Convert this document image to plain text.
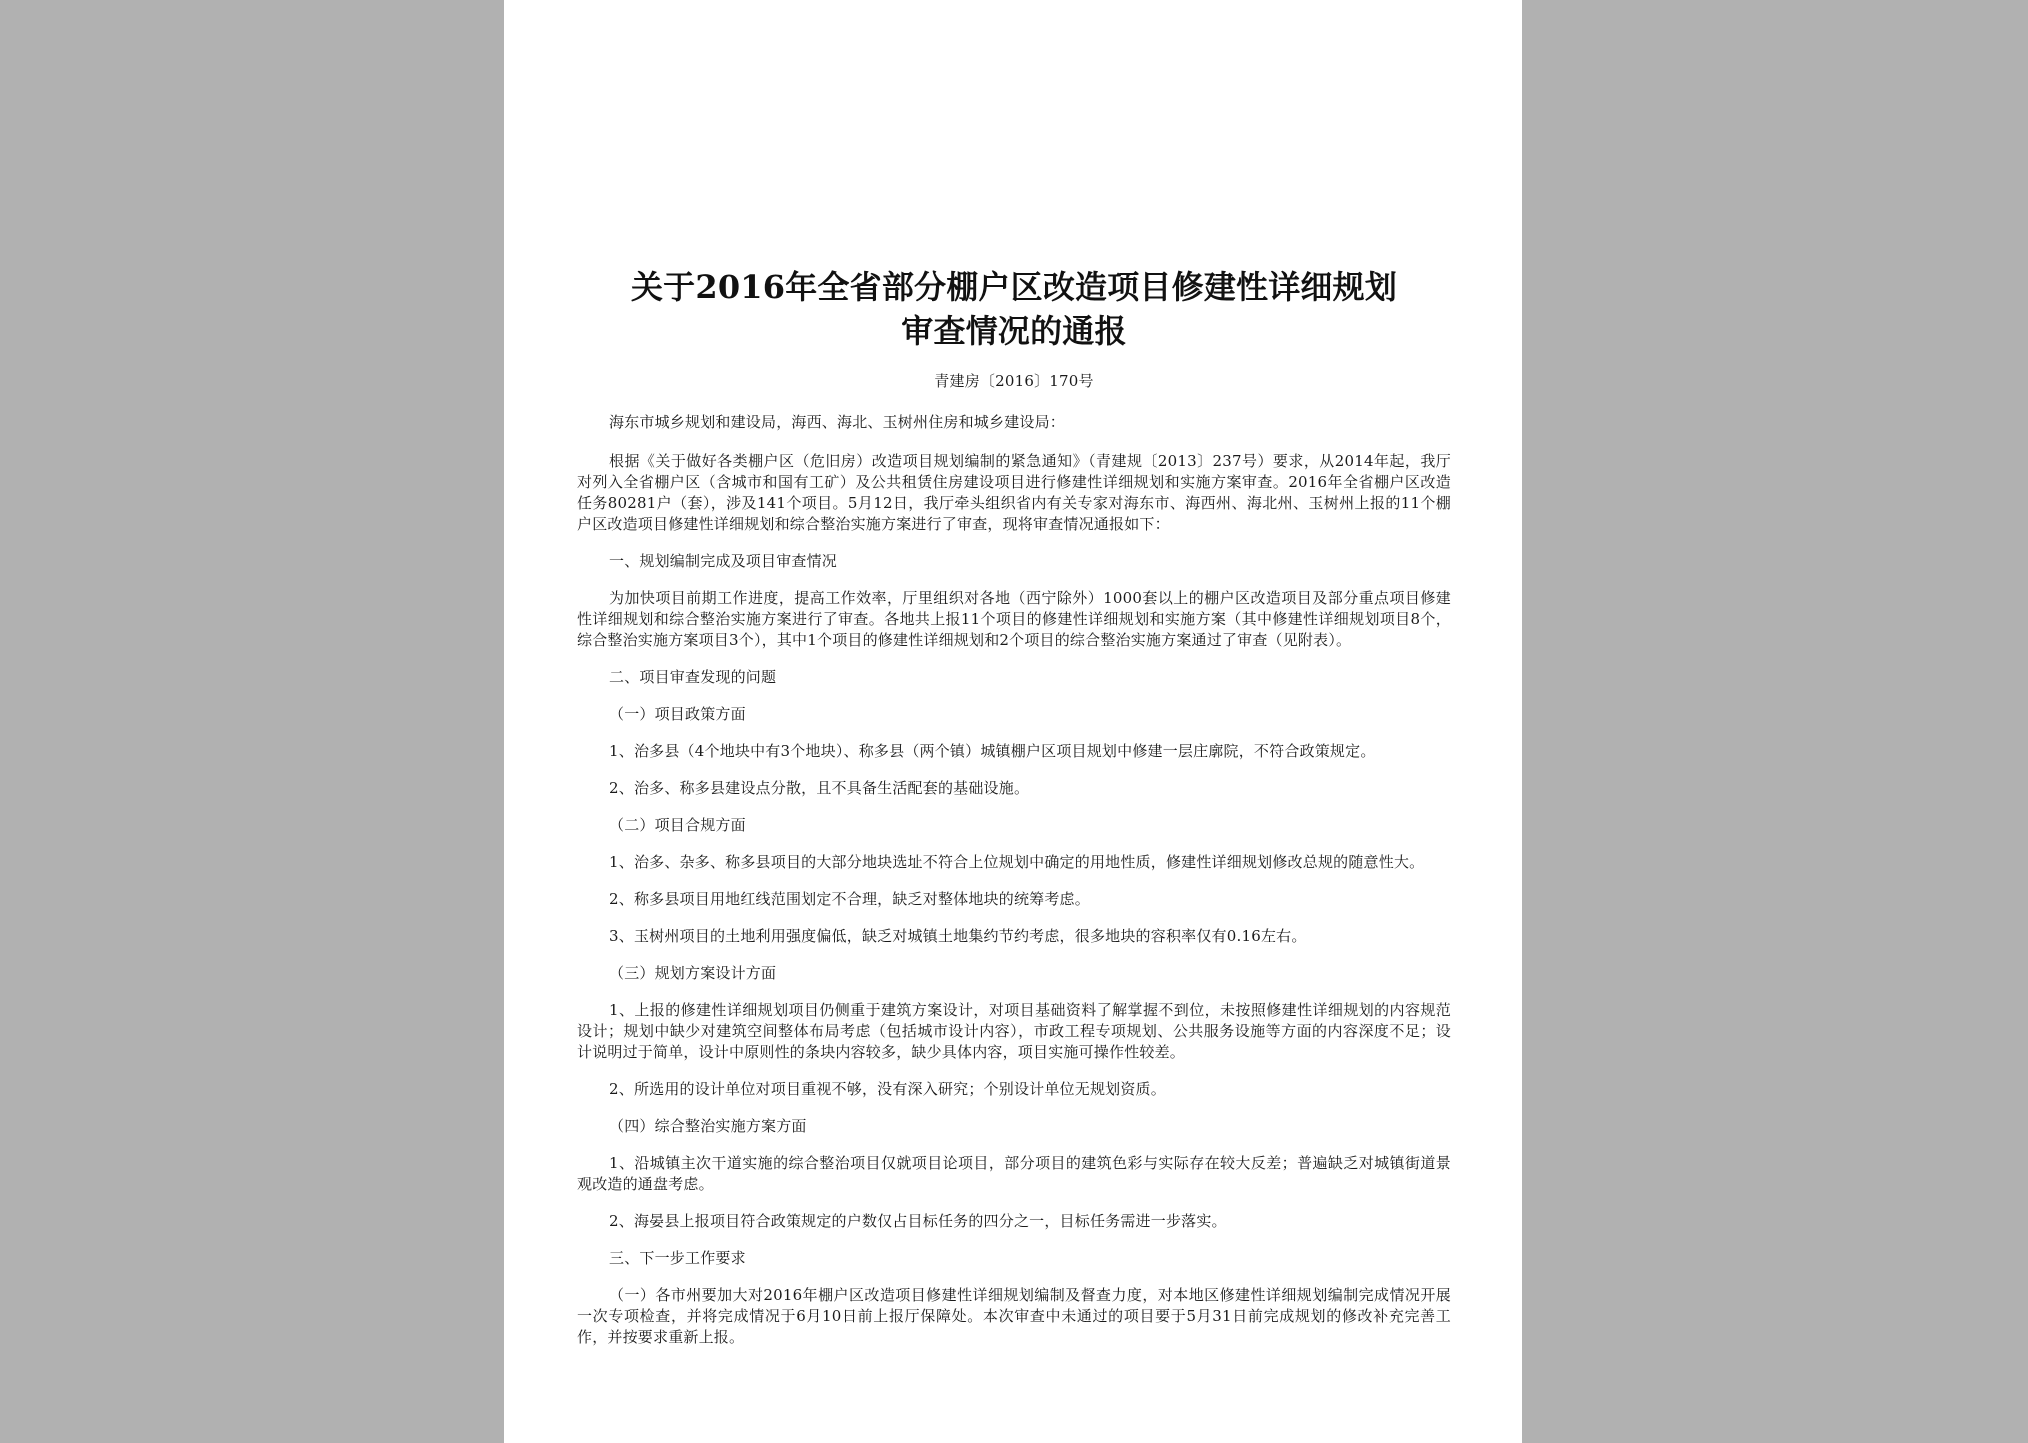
关于2016年全省部分棚户区改造项目修建性详细规划
审查情况的通报
青建房〔2016〕170号

海东市城乡规划和建设局，海西、海北、玉树州住房和城乡建设局：

根据《关于做好各类棚户区（危旧房）改造项目规划编制的紧急通知》（青建规〔2013〕237号）要求，从2014年起，我厅对列入全省棚户区（含城市和国有工矿）及公共租赁住房建设项目进行修建性详细规划和实施方案审查。2016年全省棚户区改造任务80281户（套），涉及141个项目。5月12日，我厅牵头组织省内有关专家对海东市、海西州、海北州、玉树州上报的11个棚户区改造项目修建性详细规划和综合整治实施方案进行了审查，现将审查情况通报如下：

一、规划编制完成及项目审查情况

为加快项目前期工作进度，提高工作效率，厅里组织对各地（西宁除外）1000套以上的棚户区改造项目及部分重点项目修建性详细规划和综合整治实施方案进行了审查。各地共上报11个项目的修建性详细规划和实施方案（其中修建性详细规划项目8个，综合整治实施方案项目3个），其中1个项目的修建性详细规划和2个项目的综合整治实施方案通过了审查（见附表）。

二、项目审查发现的问题

（一）项目政策方面

1、治多县（4个地块中有3个地块）、称多县（两个镇）城镇棚户区项目规划中修建一层庄廓院，不符合政策规定。

2、治多、称多县建设点分散，且不具备生活配套的基础设施。

（二）项目合规方面

1、治多、杂多、称多县项目的大部分地块选址不符合上位规划中确定的用地性质，修建性详细规划修改总规的随意性大。

2、称多县项目用地红线范围划定不合理，缺乏对整体地块的统筹考虑。

3、玉树州项目的土地利用强度偏低，缺乏对城镇土地集约节约考虑，很多地块的容积率仅有0.16左右。

（三）规划方案设计方面

1、上报的修建性详细规划项目仍侧重于建筑方案设计，对项目基础资料了解掌握不到位，未按照修建性详细规划的内容规范设计；规划中缺少对建筑空间整体布局考虑（包括城市设计内容），市政工程专项规划、公共服务设施等方面的内容深度不足；设计说明过于简单，设计中原则性的条块内容较多，缺少具体内容，项目实施可操作性较差。

2、所选用的设计单位对项目重视不够，没有深入研究；个别设计单位无规划资质。

（四）综合整治实施方案方面

1、沿城镇主次干道实施的综合整治项目仅就项目论项目，部分项目的建筑色彩与实际存在较大反差；普遍缺乏对城镇街道景观改造的通盘考虑。

2、海晏县上报项目符合政策规定的户数仅占目标任务的四分之一，目标任务需进一步落实。

三、下一步工作要求

（一）各市州要加大对2016年棚户区改造项目修建性详细规划编制及督查力度，对本地区修建性详细规划编制完成情况开展一次专项检查，并将完成情况于6月10日前上报厅保障处。本次审查中未通过的项目要于5月31日前完成规划的修改补充完善工作，并按要求重新上报。
